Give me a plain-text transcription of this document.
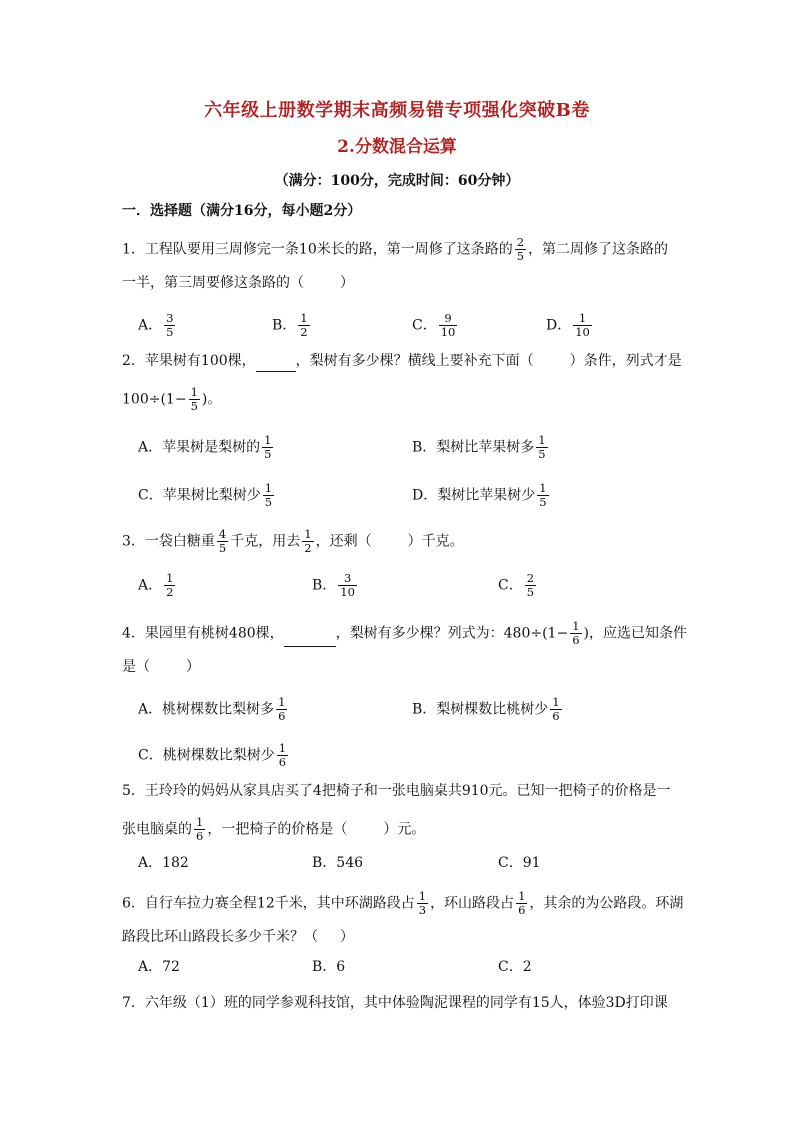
六年级上册数学期末高频易错专项强化突破B卷
2.分数混合运算
（满分：100分，完成时间：60分钟）
一．选择题（满分16分，每小题2分）
1．工程队要用三周修完一条10米长的路，第一周修了这条路的 $\frac{2}{5}$ ，第二周修了这条路的
一半，第三周要修这条路的（	）
A． $\frac{3}{5}$	B． $\frac{1}{2}$	C． $\frac{9}{10}$	D． $\frac{1}{10}$
2．苹果树有100棵，	，梨树有多少棵？横线上要补充下面（	）条件，列式才是
$100\div(1- \frac{1}{5}$ )。
A．苹果树是梨树的 $\frac{1}{5}$	B．梨树比苹果树多 $\frac{1}{5}$
C．苹果树比梨树少 $\frac{1}{5}$	D．梨树比苹果树少 $\frac{1}{5}$
3．一袋白糖重 $\frac{4}{5}$ 千克，用去 $\frac{1}{2}$ ，还剩（	）千克。
A． $\frac{1}{2}$	B． $\frac{3}{10}$	C． $\frac{2}{5}$
4．果园里有桃树480棵，	，梨树有多少棵？列式为：$480\div(1- \frac{1}{6}$ )，应选已知条件
是（	）
A．桃树棵数比梨树多 $\frac{1}{6}$	B．梨树棵数比桃树少 $\frac{1}{6}$
C．桃树棵数比梨树少 $\frac{1}{6}$
5．王玲玲的妈妈从家具店买了4把椅子和一张电脑桌共910元。已知一把椅子的价格是一
张电脑桌的 $\frac{1}{6}$ ，一把椅子的价格是（	）元。
A．182	B．546	C．91
6．自行车拉力赛全程12千米，其中环湖路段占 $\frac{1}{3}$ ，环山路段占 $\frac{1}{6}$ ，其余的为公路段。环湖
路段比环山路段长多少千米？（ ）
A．72	B．6	C．2
7．六年级（1）班的同学参观科技馆，其中体验陶泥课程的同学有15人，体验3D打印课
